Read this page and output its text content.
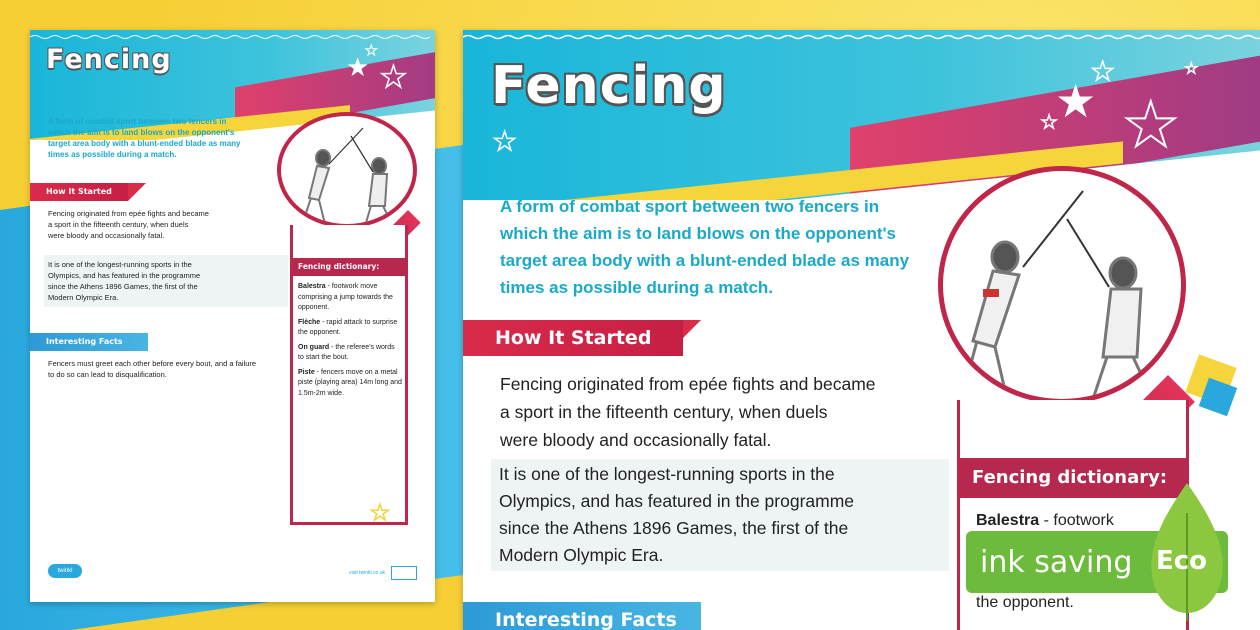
Fencing	★ ★
★
A form of combat sport between two fencers in
which the aim is to land blows on the opponent's
target area body with a blunt-ended blade as many
times as possible during a match.
How It Started
Fencing originated from epée fights and became
a sport in the fifteenth century, when duels
were bloody and occasionally fatal.
It is one of the longest-running sports in the
Olympics, and has featured in the programme
since the Athens 1896 Games, the first of the
Modern Olympic Era.
Interesting Facts
Fencers must greet each other before every bout, and a failure to do so can lead to disqualification.
Fencing dictionary:
Balestra - footwork move comprising a jump towards the opponent.
Flèche - rapid attack to surprise the opponent.
On guard - the referee's words to start the bout.
Piste - fencers move on a metal piste (playing area) 14m long and 1.5m-2m wide.
★
twinkl	visit twinkl.co.uk
Fencing	★ ★
★
★
★
★
A form of combat sport between two fencers in
which the aim is to land blows on the opponent's
target area body with a blunt-ended blade as many
times as possible during a match.
How It Started
Fencing originated from epée fights and became
a sport in the fifteenth century, when duels
were bloody and occasionally fatal.
It is one of the longest-running sports in the
Olympics, and has featured in the programme
since the Athens 1896 Games, the first of the
Modern Olympic Era.
Interesting Facts
Fencing dictionary:
Balestra - footwork
the opponent.
ink saving Eco
